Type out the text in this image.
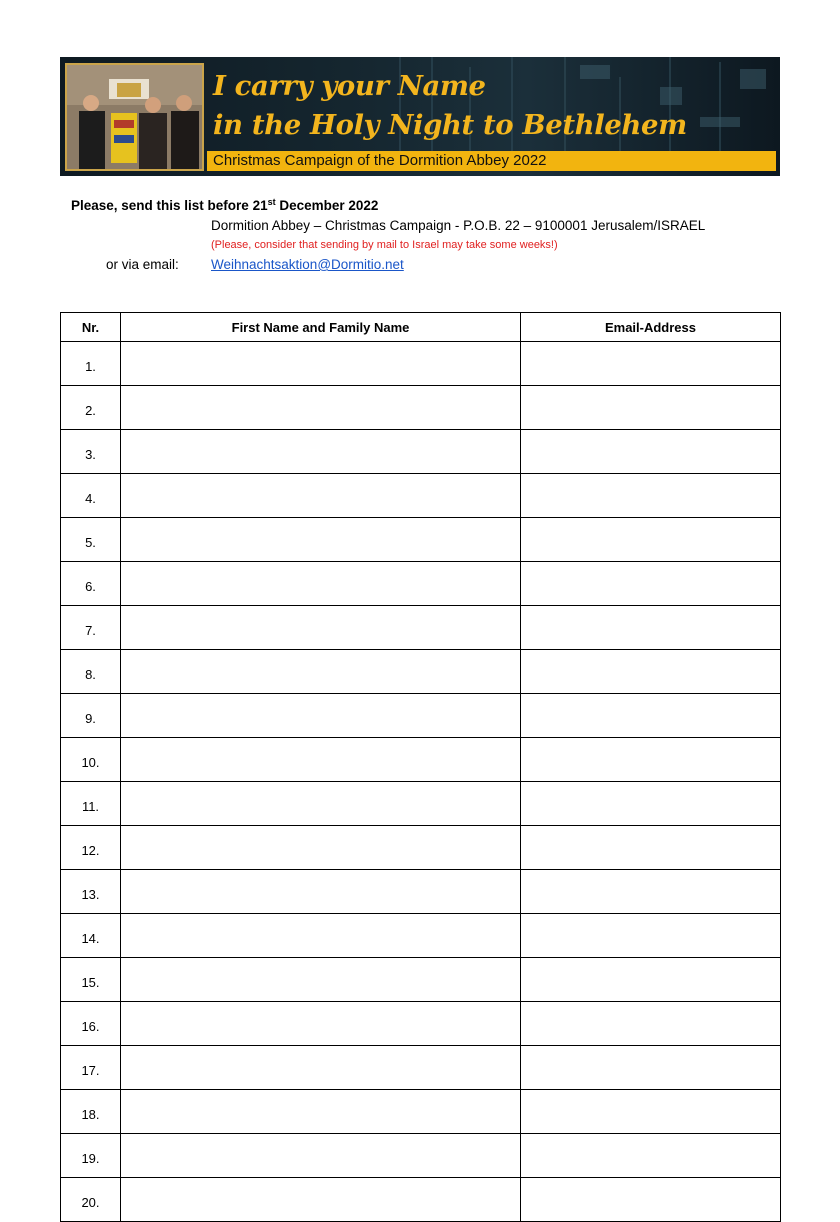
I carry your Name
in the Holy Night to Bethlehem
Christmas Campaign of the Dormition Abbey 2022
Please, send this list before 21st December 2022
Dormition Abbey – Christmas Campaign - P.O.B. 22 – 9100001 Jerusalem/ISRAEL
(Please, consider that sending by mail to Israel may take some weeks!)
or via email: Weihnachtsaktion@Dormitio.net
Nr.	First Name and Family Name	Email-Address
1.		
2.		
3.		
4.		
5.		
6.		
7.		
8.		
9.		
10.		
11.		
12.		
13.		
14.		
15.		
16.		
17.		
18.		
19.		
20.		
